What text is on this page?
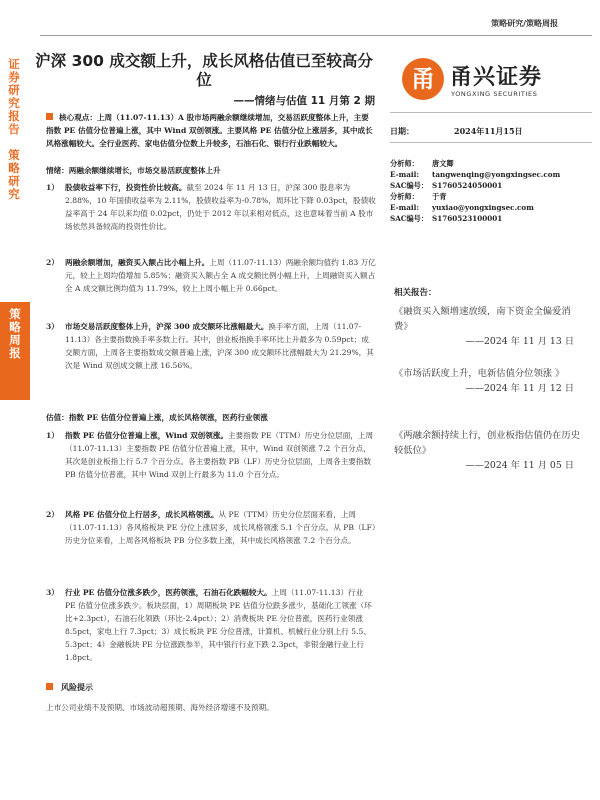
策略研究/策略周报
证
券
研
究
报
告

策
略
研
究
策
略
周
报
沪深 300 成交额上升，成长风格估值已至较高分位
——情绪与估值 11 月第 2 期
核心观点：上周（11.07-11.13）A 股市场两融余额继续增加，交易活跃度整体上升，主要指数 PE 估值分位普遍上涨，其中 Wind 双创领涨。主要风格 PE 估值分位上涨居多，其中成长风格涨幅较大。全行业医药、家电估值分位数上升较多，石油石化、银行行业跌幅较大。
情绪：两融余额继续增长，市场交易活跃度整体上升
1） 股债收益率下行，投资性价比较高。截至 2024 年 11 月 13 日，沪深 300 股息率为 2.88%，10 年国债收益率为 2.11%，股债收益率为-0.78%，周环比下降 0.03pct，股债收益率高于 24 年以来均值 0.02pct，仍处于 2012 年以来相对低点，这也意味着当前 A 股市场依然具备较高的投资性价比。
2） 两融余额增加，融资买入额占比小幅上升。上周（11.07-11.13）两融余额均值约 1.83 万亿元，较上上周均值增加 5.85%；融资买入额占全 A 成交额比例小幅上升，上周融资买入额占全 A 成交额比例均值为 11.79%，较上上周小幅上升 0.66pct。
3） 市场交易活跃度整体上升，沪深 300 成交额环比涨幅最大。换手率方面，上周（11.07-11.13）各主要指数换手率多数上行。其中，创业板指换手率环比上升最多为 0.59pct；成交额方面，上周各主要指数成交额普遍上涨，沪深 300 成交额环比涨幅最大为 21.29%，其次是 Wind 双创成交额上涨 16.56%。
估值：指数 PE 估值分位普遍上涨，成长风格领涨，医药行业领涨
1） 指数 PE 估值分位普遍上涨，Wind 双创领涨。主要指数 PE（TTM）历史分位层面，上周（11.07-11.13）主要指数 PE 估值分位普遍上涨，其中，Wind 双创领涨 7.2 个百分点，其次是创业板指上行 5.7 个百分点。各主要指数 PB（LF）历史分位层面，上周各主要指数 PB 估值分位普涨，其中 Wind 双创上行最多为 11.0 个百分点。
2） 风格 PE 估值分位上行居多，成长风格领涨。从 PE（TTM）历史分位层面来看，上周（11.07-11.13）各风格板块 PE 分位上涨居多，成长风格领涨 5.1 个百分点。从 PB（LF）历史分位来看，上周各风格板块 PB 分位多数上涨，其中成长风格领涨 7.2 个百分点。
3） 行业 PE 估值分位涨多跌少，医药领涨，石油石化跌幅较大。上周（11.07-11.13）行业 PE 估值分位涨多跌少。板块层面，1）周期板块 PE 估值分位跌多涨少，基础化工领涨（环比+2.3pct），石油石化领跌（环比-2.4pct）；2）消费板块 PE 分位普涨，医药行业领涨 8.5pct，家电上行 7.3pct；3）成长板块 PE 分位普涨，计算机、机械行业分别上行 5.5、5.3pct；4）金融板块 PE 分位涨跌参半，其中银行行业下跌 2.3pct，非银金融行业上行 1.8pct。
风险提示
上市公司业绩不及预期、市场波动超预期、海外经济增速不及预期。
甬 甬兴证券
YONGXING SECURITIES
日期：	2024年11月15日
分析师： 唐文卿
E-mail: tangwenqing@yongxingsec.com
SAC编号： S1760524050001
分析师： 于青
E-mail: yuxiao@yongxingsec.com
SAC编号： S1760523100001
相关报告：
《融资买入额增速放缓，南下资金全偏爱消费》
——2024 年 11 月 13 日
《市场活跃度上升，电新估值分位领涨 》
——2024 年 11 月 12 日
《两融余额持续上行，创业板指估值仍在历史较低位》
——2024 年 11 月 05 日
